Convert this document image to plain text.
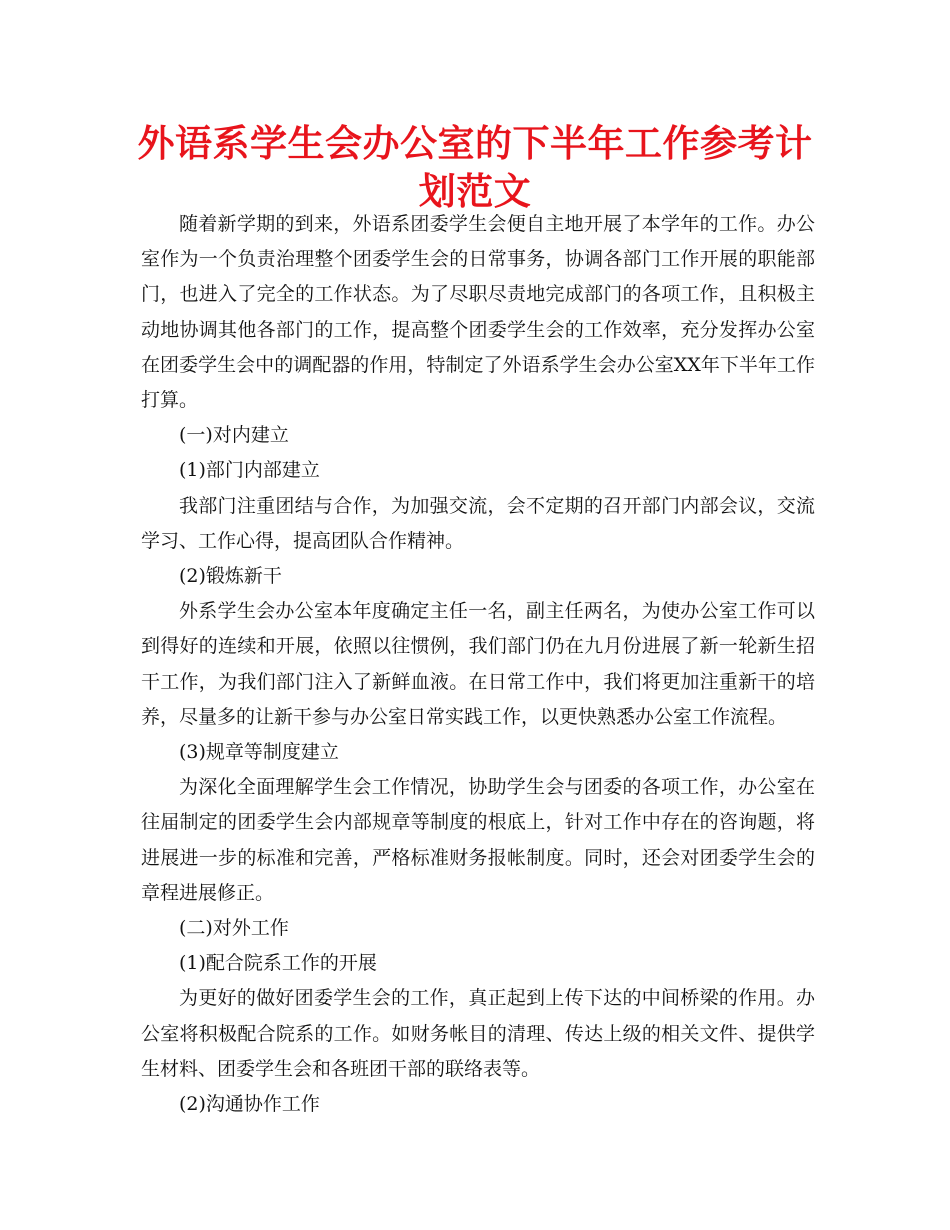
外语系学生会办公室的下半年工作参考计划范文

随着新学期的到来，外语系团委学生会便自主地开展了本学年的工作。办公室作为一个负责治理整个团委学生会的日常事务，协调各部门工作开展的职能部门，也进入了完全的工作状态。为了尽职尽责地完成部门的各项工作，且积极主动地协调其他各部门的工作，提高整个团委学生会的工作效率，充分发挥办公室在团委学生会中的调配器的作用，特制定了外语系学生会办公室XX年下半年工作打算。

(一)对内建立

(1)部门内部建立

我部门注重团结与合作，为加强交流，会不定期的召开部门内部会议，交流学习、工作心得，提高团队合作精神。

(2)锻炼新干

外系学生会办公室本年度确定主任一名，副主任两名，为使办公室工作可以到得好的连续和开展，依照以往惯例，我们部门仍在九月份进展了新一轮新生招干工作，为我们部门注入了新鲜血液。在日常工作中，我们将更加注重新干的培养，尽量多的让新干参与办公室日常实践工作，以更快熟悉办公室工作流程。

(3)规章等制度建立

为深化全面理解学生会工作情况，协助学生会与团委的各项工作，办公室在往届制定的团委学生会内部规章等制度的根底上，针对工作中存在的咨询题，将进展进一步的标准和完善，严格标准财务报帐制度。同时，还会对团委学生会的章程进展修正。

(二)对外工作

(1)配合院系工作的开展

为更好的做好团委学生会的工作，真正起到上传下达的中间桥梁的作用。办公室将积极配合院系的工作。如财务帐目的清理、传达上级的相关文件、提供学生材料、团委学生会和各班团干部的联络表等。

(2)沟通协作工作
